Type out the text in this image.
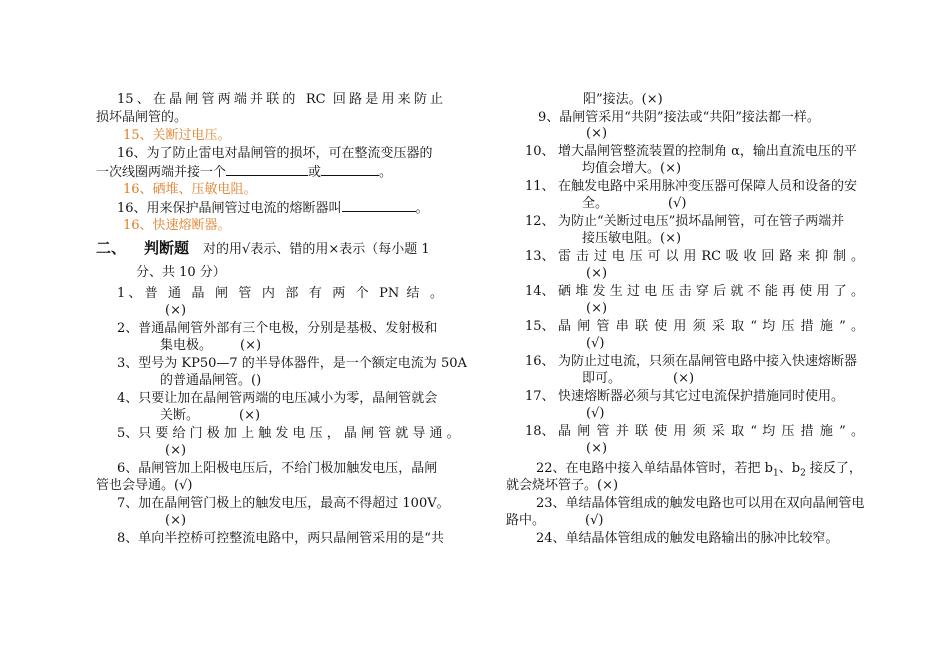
15、在晶闸管两端并联的 RC 回路是用来防止
损坏晶闸管的。
15、关断过电压。
16、为了防止雷电对晶闸管的损坏，可在整流变压器的
一次线圈两端并接一个	或	。
16、硒堆、压敏电阻。
16、用来保护晶闸管过电流的熔断器叫	。
16、快速熔断器。
二、 判断题 对的用√表示、错的用×表示（每小题 1
分、共 10 分）
1、普 通 晶 闸 管 内 部 有 两 个 PN 结 。
(×)
2、普通晶闸管外部有三个电极，分别是基极、发射极和
集电极。 (×)
3、型号为 KP50—7 的半导体器件，是一个额定电流为 50A
的普通晶闸管。()
4、只要让加在晶闸管两端的电压减小为零，晶闸管就会
关断。	(×)
5、只 要 给 门 极 加 上 触 发 电 压 ， 晶 闸 管 就 导 通 。
(×)
6、晶闸管加上阳极电压后，不给门极加触发电压，晶闸
管也会导通。(√)
7、加在晶闸管门极上的触发电压，最高不得超过 100V。
(×)
8、单向半控桥可控整流电路中，两只晶闸管采用的是“共
阳”接法。(×)
9、晶闸管采用“共阴”接法或“共阳”接法都一样。
(×)
10、 增大晶闸管整流装置的控制角 α，输出直流电压的平
均值会增大。(×)
11、 在触发电路中采用脉冲变压器可保障人员和设备的安
全。	(√)
12、 为防止“关断过电压”损坏晶闸管，可在管子两端并
接压敏电阻。(×)
13、 雷 击 过 电 压 可 以 用 RC 吸 收 回 路 来 抑 制 。
(×)
14、 硒 堆 发 生 过 电 压 击 穿 后 就 不 能 再 使 用 了 。
(×)
15、 晶 闸 管 串 联 使 用 须 采 取 “ 均 压 措 施 ” 。
(√)
16、 为防止过电流，只须在晶闸管电路中接入快速熔断器
即可。	(×)
17、 快速熔断器必须与其它过电流保护措施同时使用。
(√)
18、 晶 闸 管 并 联 使 用 须 采 取 “ 均 压 措 施 ” 。
(×)
22、在电路中接入单结晶体管时，若把 $b_1$、$b_2$ 接反了，
就会烧坏管子。(×)
23、单结晶体管组成的触发电路也可以用在双向晶闸管电
路中。	(√)
24、单结晶体管组成的触发电路输出的脉冲比较窄。
